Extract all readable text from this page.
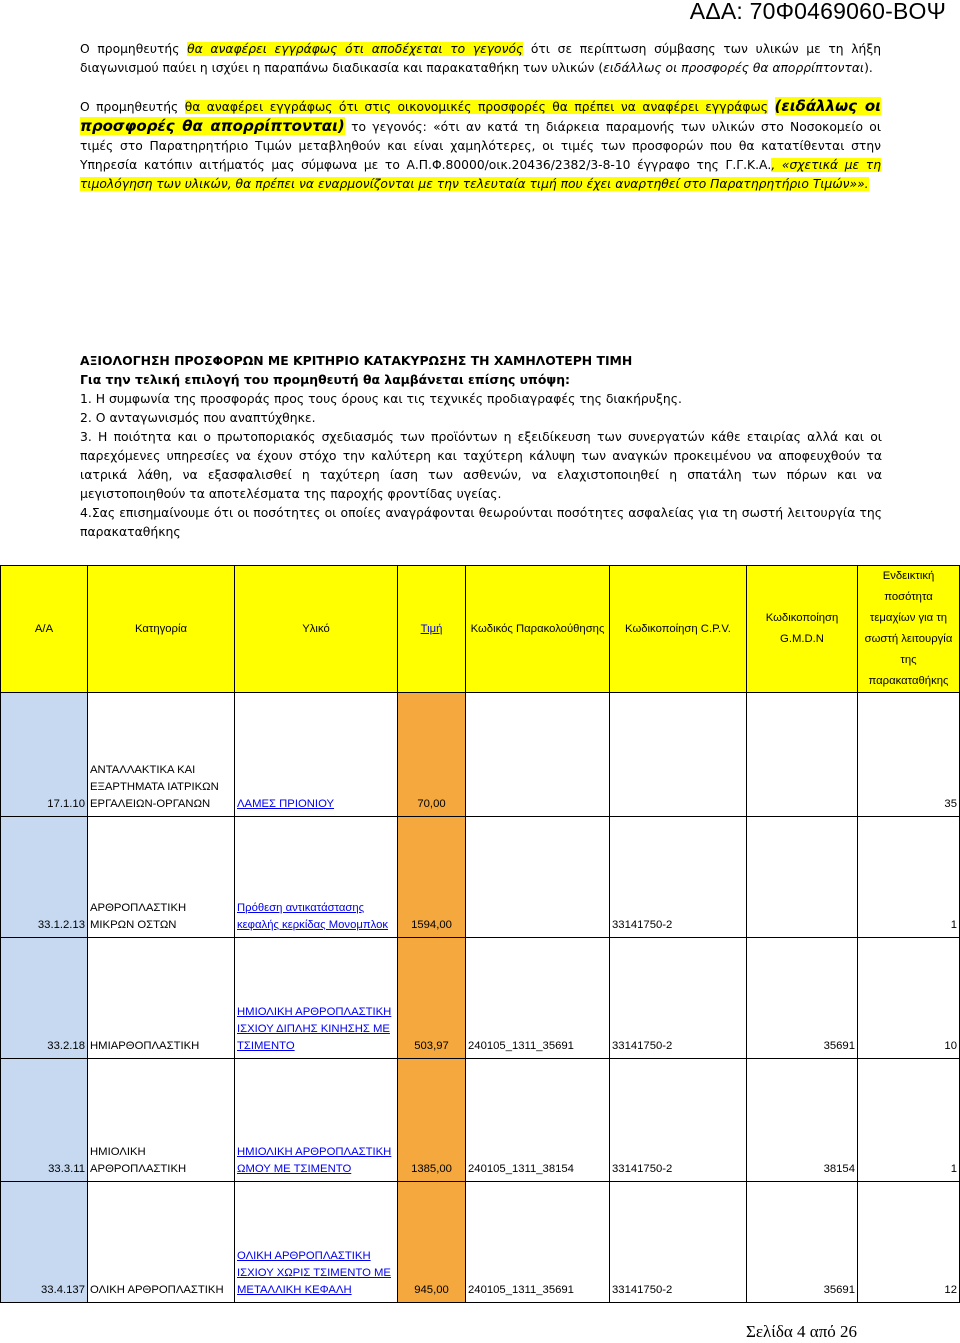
ΑΔΑ: 70Φ0469060-ΒΟΨ
Ο προμηθευτής θα αναφέρει εγγράφως ότι αποδέχεται το γεγονός ότι σε περίπτωση σύμβασης των υλικών με τη λήξη διαγωνισμού παύει η ισχύει η παραπάνω διαδικασία και παρακαταθήκη των υλικών (ειδάλλως οι προσφορές θα απορρίπτονται).
Ο προμηθευτής θα αναφέρει εγγράφως ότι στις οικονομικές προσφορές θα πρέπει να αναφέρει εγγράφως (ειδάλλως οι προσφορές θα απορρίπτονται) το γεγονός: «ότι αν κατά τη διάρκεια παραμονής των υλικών στο Νοσοκομείο οι τιμές στο Παρατηρητήριο Τιμών μεταβληθούν και είναι χαμηλότερες, οι τιμές των προσφορών που θα κατατίθενται στην Υπηρεσία κατόπιν αιτήματός μας σύμφωνα με το Α.Π.Φ.80000/οικ.20436/2382/3-8-10 έγγραφο της Γ.Γ.Κ.Α., «σχετικά με τη τιμολόγηση των υλικών, θα πρέπει να εναρμονίζονται με την τελευταία τιμή που έχει αναρτηθεί στο Παρατηρητήριο Τιμών»».
ΑΞΙΟΛΟΓΗΣΗ ΠΡΟΣΦΟΡΩΝ ΜΕ ΚΡΙΤΗΡΙΟ ΚΑΤΑΚΥΡΩΣΗΣ ΤΗ ΧΑΜΗΛΟΤΕΡΗ ΤΙΜΗ
Για την τελική επιλογή του προμηθευτή θα λαμβάνεται επίσης υπόψη:
1. Η συμφωνία της προσφοράς προς τους όρους και τις τεχνικές προδιαγραφές της διακήρυξης.
2. Ο ανταγωνισμός που αναπτύχθηκε.
3. Η ποιότητα και ο πρωτοποριακός σχεδιασμός των προϊόντων η εξειδίκευση των συνεργατών κάθε εταιρίας αλλά και οι παρεχόμενες υπηρεσίες να έχουν στόχο την καλύτερη και ταχύτερη κάλυψη των αναγκών προκειμένου να αποφευχθούν τα ιατρικά λάθη, να εξασφαλισθεί η ταχύτερη ίαση των ασθενών, να ελαχιστοποιηθεί η σπατάλη των πόρων και να μεγιστοποιηθούν τα αποτελέσματα της παροχής φροντίδας υγείας.
4.Σας επισημαίνουμε ότι οι ποσότητες οι οποίες αναγράφονται θεωρούνται ποσότητες ασφαλείας για τη σωστή λειτουργία της παρακαταθήκης
Α/Α	Κατηγορία	Υλικό	Τιμή	Κωδικός Παρακολούθησης	Κωδικοποίηση C.P.V.	Κωδικοποίηση G.M.D.N	Ενδεικτική ποσότητα τεμαχίων για τη σωστή λειτουργία της παρακαταθήκης
17.1.10	ΑΝΤΑΛΛΑΚΤΙΚΑ ΚΑΙ ΕΞΑΡΤΗΜΑΤΑ ΙΑΤΡΙΚΩΝ ΕΡΓΑΛΕΙΩΝ-ΟΡΓΑΝΩΝ	ΛΑΜΕΣ ΠΡΙΟΝΙΟΥ	70,00				35
33.1.2.13	ΑΡΘΡΟΠΛΑΣΤΙΚΗ ΜΙΚΡΩΝ ΟΣΤΩΝ	Πρόθεση αντικατάστασης κεφαλής κερκίδας Μονομπλοκ	1594,00		33141750-2		1
33.2.18	ΗΜΙΑΡΘΟΠΛΑΣΤΙΚΗ	ΗΜΙΟΛΙΚΗ ΑΡΘΡΟΠΛΑΣΤΙΚΗ ΙΣΧΙΟΥ ΔΙΠΛΗΣ ΚΙΝΗΣΗΣ ΜΕ ΤΣΙΜΕΝΤΟ	503,97	240105_1311_35691	33141750-2	35691	10
33.3.11	ΗΜΙΟΛΙΚΗ ΑΡΘΡΟΠΛΑΣΤΙΚΗ	ΗΜΙΟΛΙΚΗ ΑΡΘΡΟΠΛΑΣΤΙΚΗ ΩΜΟΥ ΜΕ ΤΣΙΜΕΝΤΟ	1385,00	240105_1311_38154	33141750-2	38154	1
33.4.137	ΟΛΙΚΗ ΑΡΘΡΟΠΛΑΣΤΙΚΗ	ΟΛΙΚΗ ΑΡΘΡΟΠΛΑΣΤΙΚΗ ΙΣΧΙΟΥ ΧΩΡΙΣ ΤΣΙΜΕΝΤΟ ΜΕ ΜΕΤΑΛΛΙΚΗ ΚΕΦΑΛΗ	945,00	240105_1311_35691	33141750-2	35691	12
Σελίδα 4 από 26
